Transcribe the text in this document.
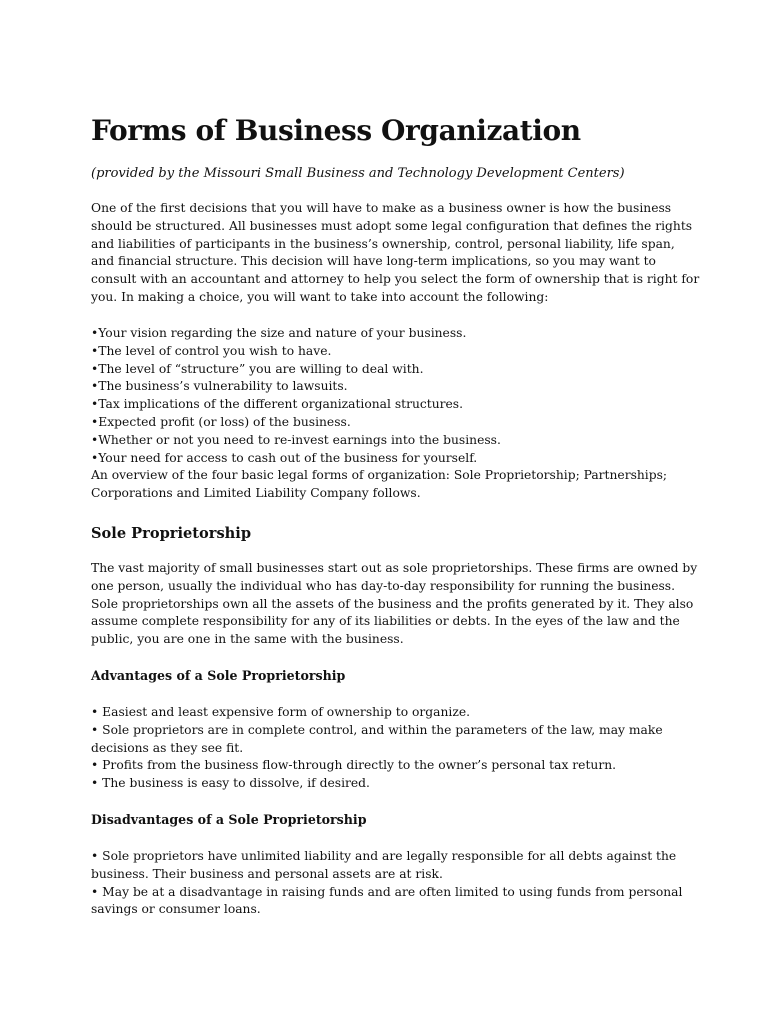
Forms of Business Organization

(provided by the Missouri Small Business and Technology Development Centers)

One of the first decisions that you will have to make as a business owner is how the business
should be structured. All businesses must adopt some legal configuration that defines the rights
and liabilities of participants in the business’s ownership, control, personal liability, life span,
and financial structure. This decision will have long-term implications, so you may want to
consult with an accountant and attorney to help you select the form of ownership that is right for
you. In making a choice, you will want to take into account the following:
•Your vision regarding the size and nature of your business.
•The level of control you wish to have.
•The level of “structure” you are willing to deal with.
•The business’s vulnerability to lawsuits.
•Tax implications of the different organizational structures.
•Expected profit (or loss) of the business.
•Whether or not you need to re-invest earnings into the business.
•Your need for access to cash out of the business for yourself.
An overview of the four basic legal forms of organization: Sole Proprietorship; Partnerships;
Corporations and Limited Liability Company follows.
Sole Proprietorship
The vast majority of small businesses start out as sole proprietorships. These firms are owned by
one person, usually the individual who has day-to-day responsibility for running the business.
Sole proprietorships own all the assets of the business and the profits generated by it. They also
assume complete responsibility for any of its liabilities or debts. In the eyes of the law and the
public, you are one in the same with the business.
Advantages of a Sole Proprietorship
• Easiest and least expensive form of ownership to organize.
• Sole proprietors are in complete control, and within the parameters of the law, may make
decisions as they see fit.
• Profits from the business flow-through directly to the owner’s personal tax return.
• The business is easy to dissolve, if desired.
Disadvantages of a Sole Proprietorship
• Sole proprietors have unlimited liability and are legally responsible for all debts against the
business. Their business and personal assets are at risk.
• May be at a disadvantage in raising funds and are often limited to using funds from personal
savings or consumer loans.
